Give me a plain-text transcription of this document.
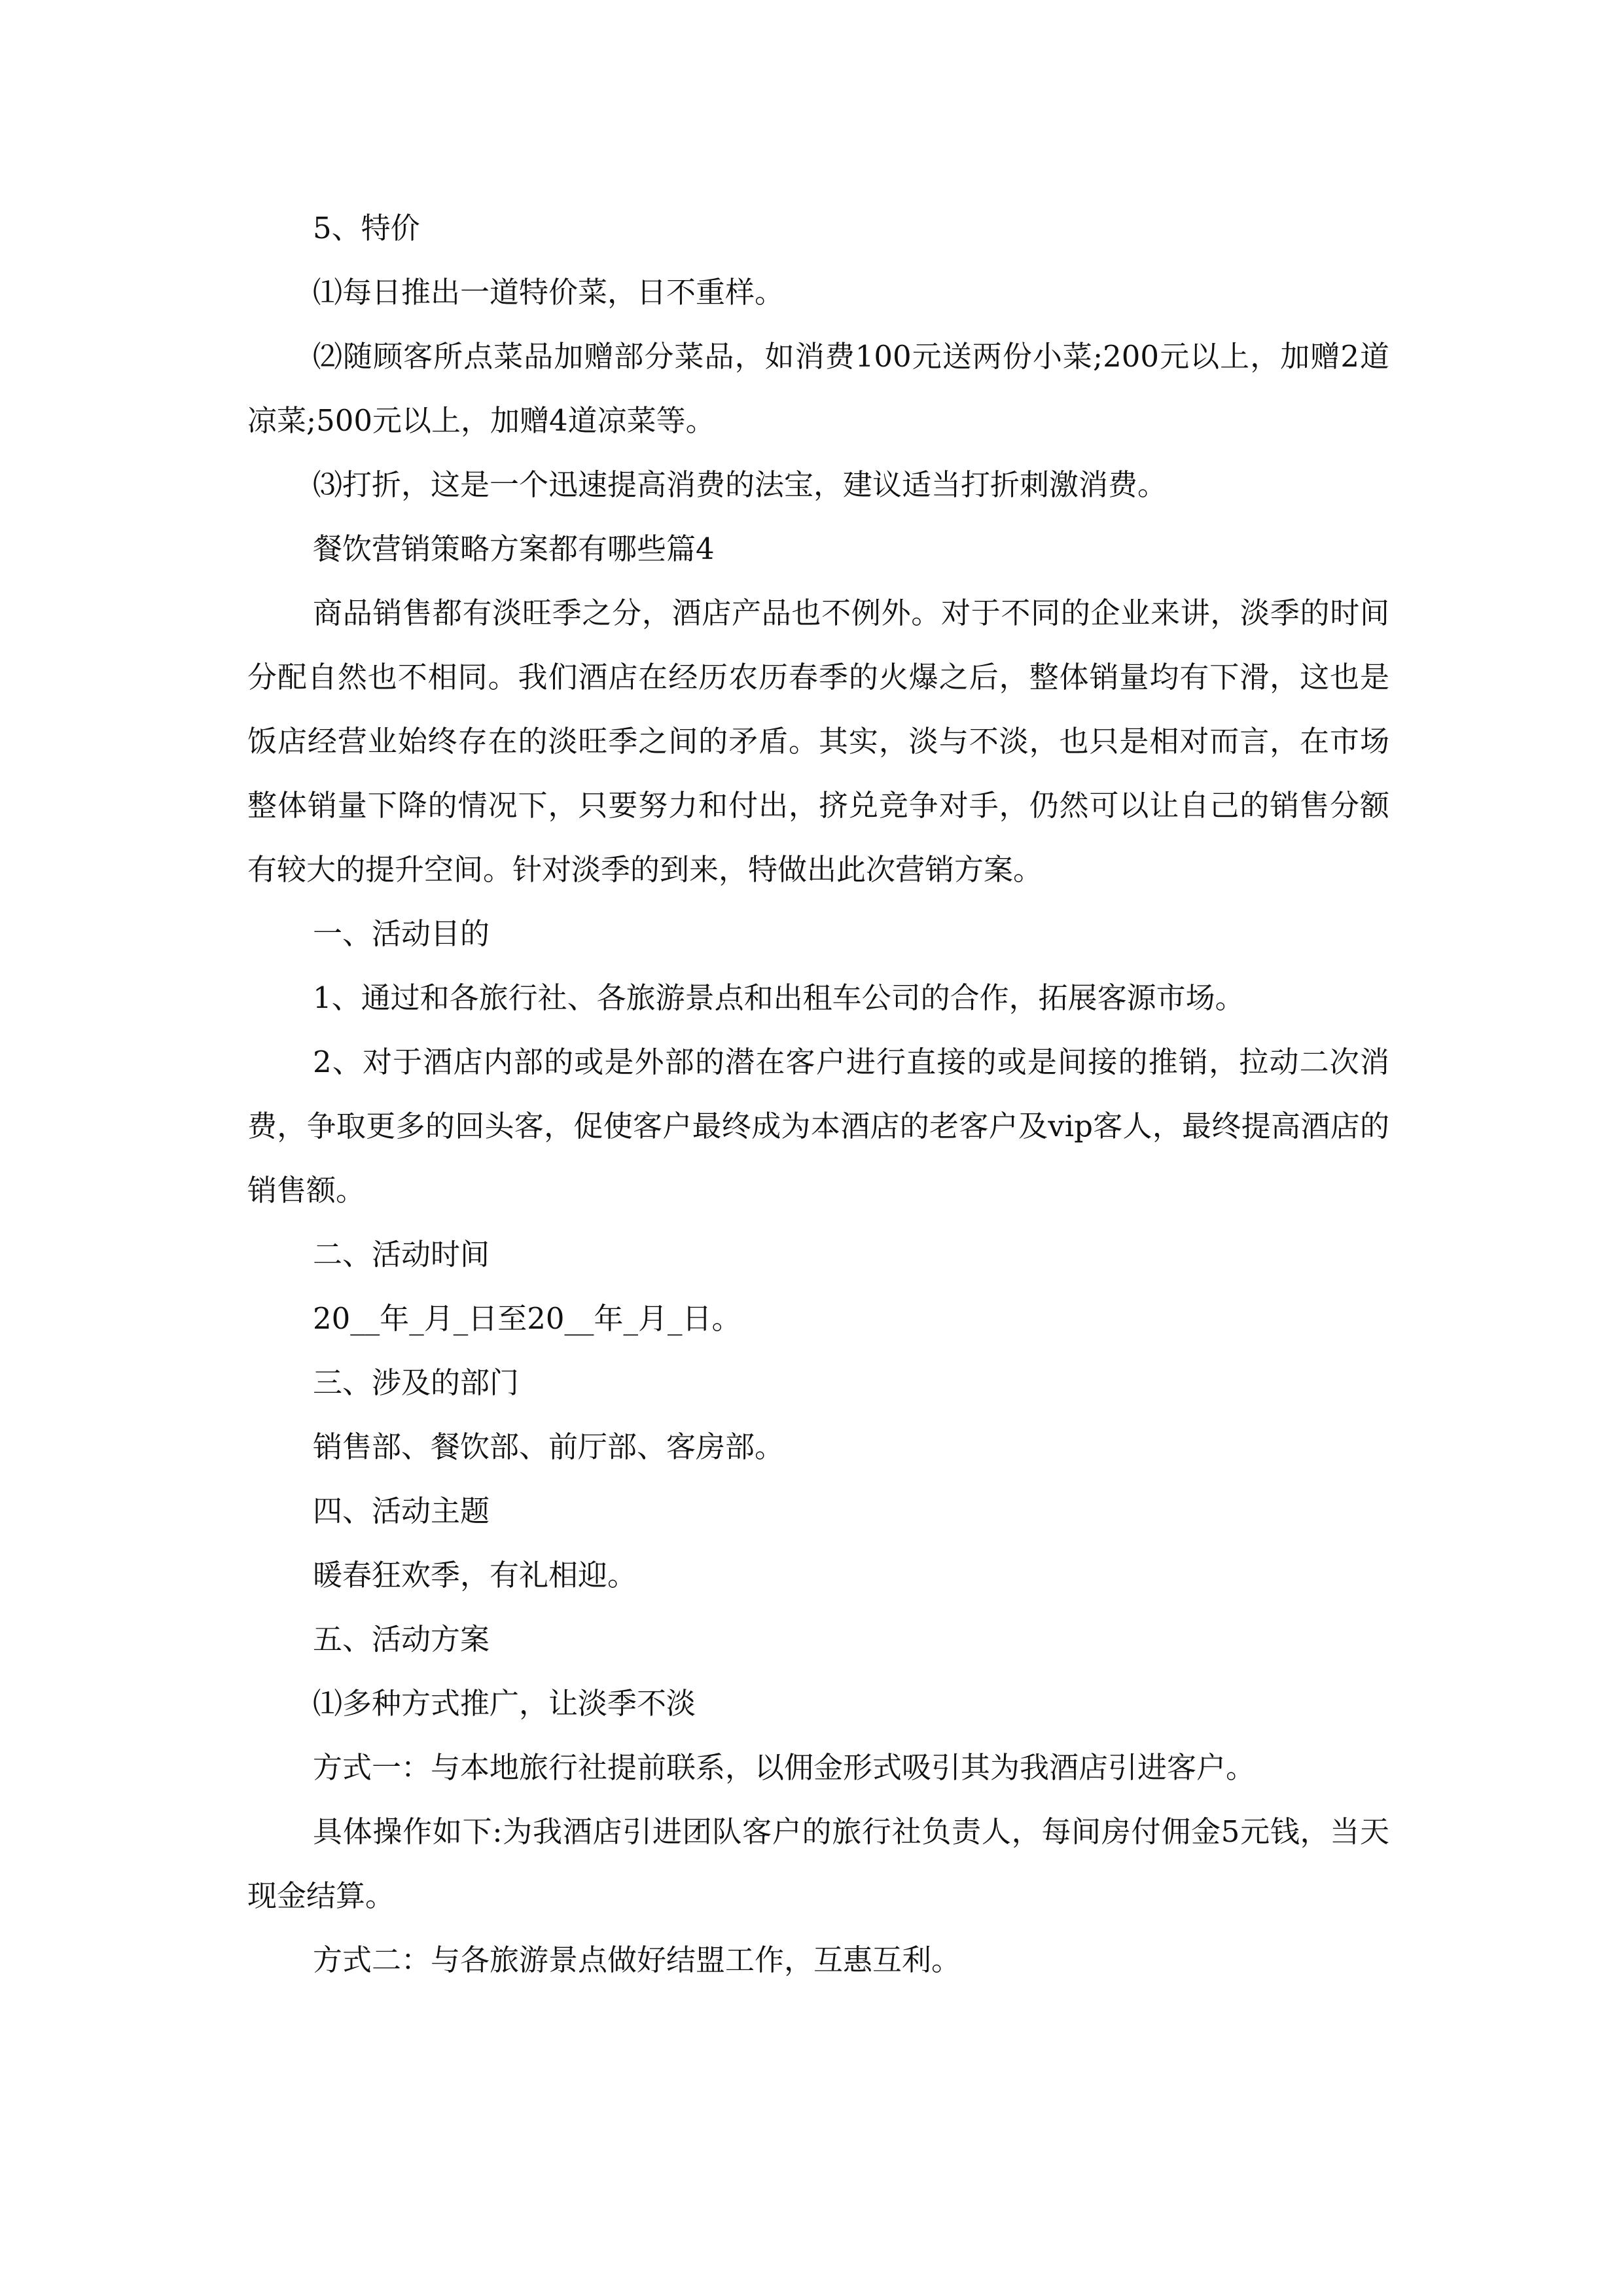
5、特价

⑴每日推出一道特价菜，日不重样。

⑵随顾客所点菜品加赠部分菜品，如消费100元送两份小菜;200元以上，加赠2道凉菜;500元以上，加赠4道凉菜等。

⑶打折，这是一个迅速提高消费的法宝，建议适当打折刺激消费。

餐饮营销策略方案都有哪些篇4

商品销售都有淡旺季之分，酒店产品也不例外。对于不同的企业来讲，淡季的时间分配自然也不相同。我们酒店在经历农历春季的火爆之后，整体销量均有下滑，这也是饭店经营业始终存在的淡旺季之间的矛盾。其实，淡与不淡，也只是相对而言，在市场整体销量下降的情况下，只要努力和付出，挤兑竞争对手，仍然可以让自己的销售分额有较大的提升空间。针对淡季的到来，特做出此次营销方案。

一、活动目的

1、通过和各旅行社、各旅游景点和出租车公司的合作，拓展客源市场。

2、对于酒店内部的或是外部的潜在客户进行直接的或是间接的推销，拉动二次消费，争取更多的回头客，促使客户最终成为本酒店的老客户及vip客人，最终提高酒店的销售额。

二、活动时间

20__年_月_日至20__年_月_日。

三、涉及的部门

销售部、餐饮部、前厅部、客房部。

四、活动主题

暖春狂欢季，有礼相迎。

五、活动方案

⑴多种方式推广，让淡季不淡

方式一：与本地旅行社提前联系，以佣金形式吸引其为我酒店引进客户。

具体操作如下:为我酒店引进团队客户的旅行社负责人，每间房付佣金5元钱，当天现金结算。

方式二：与各旅游景点做好结盟工作，互惠互利。
